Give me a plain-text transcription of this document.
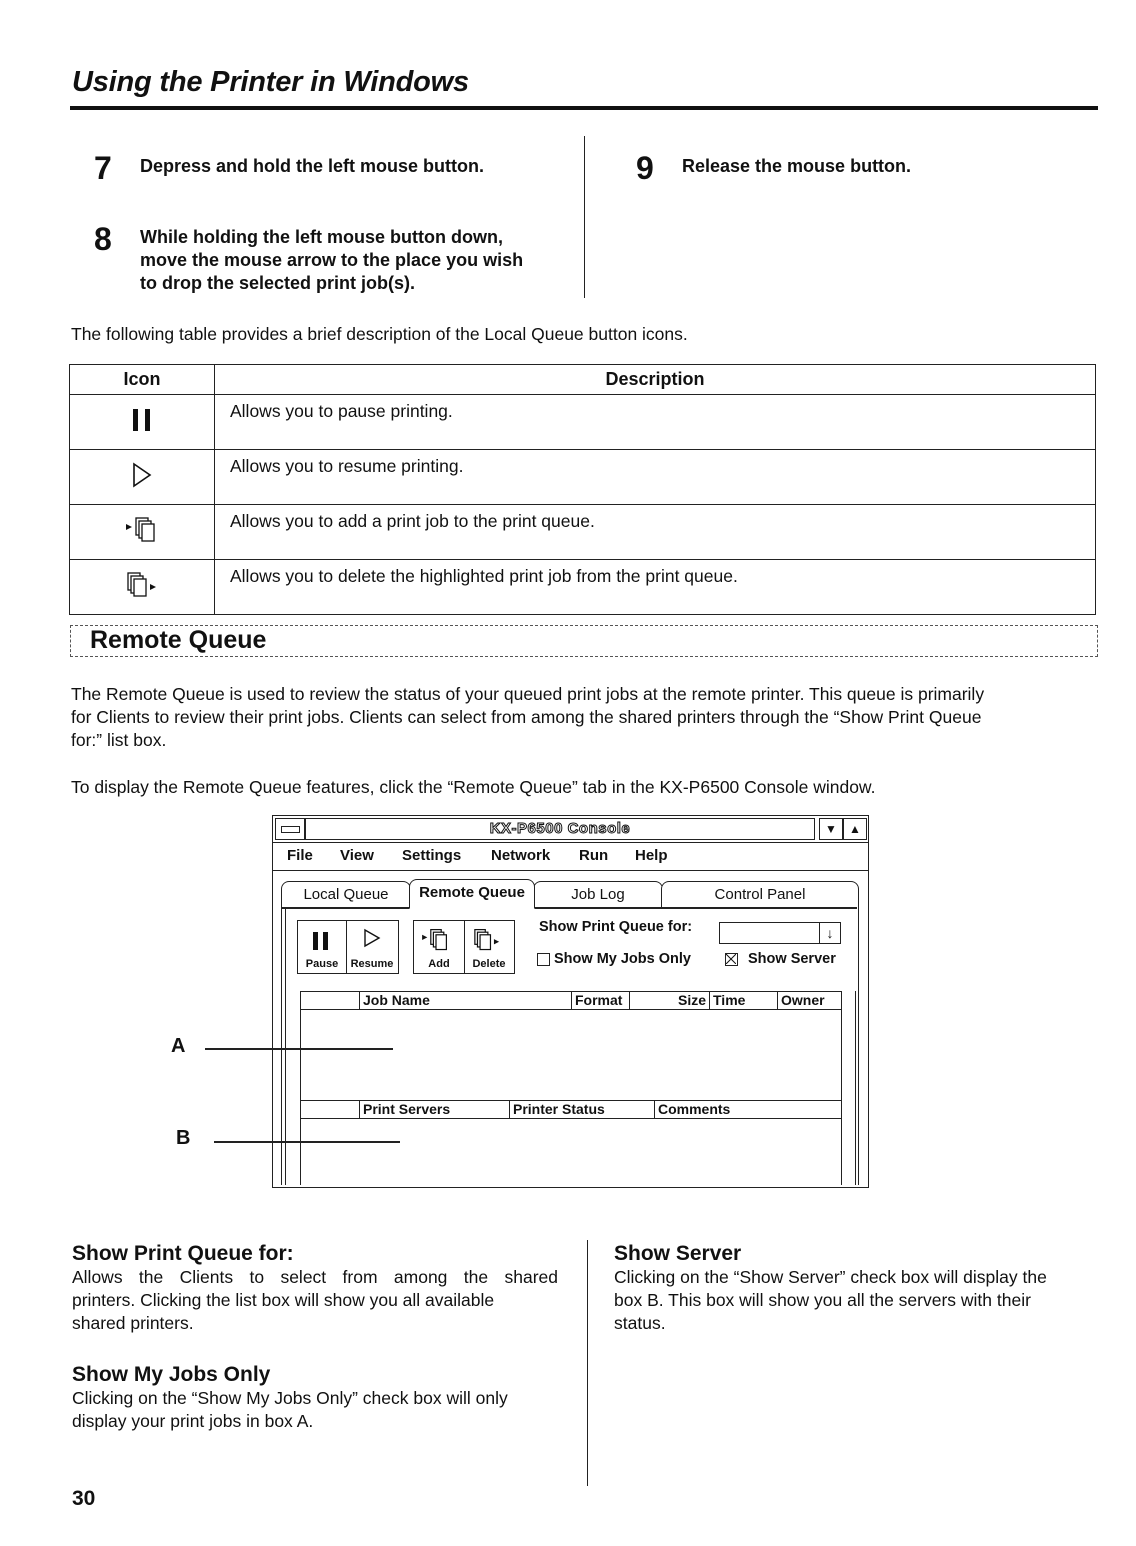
Using the Printer in Windows
7 Depress and hold the left mouse button.
8 While holding the left mouse button down,
move the mouse arrow to the place you wish
to drop the selected print job(s).
9 Release the mouse button.
The following table provides a brief description of the Local Queue button icons.
Icon	Description
	Allows you to pause printing.
	Allows you to resume printing.
	Allows you to add a print job to the print queue.
	Allows you to delete the highlighted print job from the print queue.
Remote Queue
The Remote Queue is used to review the status of your queued print jobs at the remote printer. This queue is primarily
for Clients to review their print jobs. Clients can select from among the shared printers through the “Show Print Queue
for:” list box.
To display the Remote Queue features, click the “Remote Queue” tab in the KX-P6500 Console window.
KX-P6500 Console	▼	▲
File View Settings Network Run Help
Local Queue	Remote Queue	Job Log	Control Panel
Pause	Resume	Add	Delete
Show Print Queue for:	↓
Show My Jobs Only	Show Server
Job Name	Format	Size Time	Owner
Print Servers	Printer Status	Comments
A
B
Show Print Queue for:
Allows the Clients to select from among the shared
printers. Clicking the list box will show you all available
shared printers.
Show My Jobs Only
Clicking on the “Show My Jobs Only” check box will only
display your print jobs in box A.
Show Server
Clicking on the “Show Server” check box will display the
box B. This box will show you all the servers with their
status.
30
